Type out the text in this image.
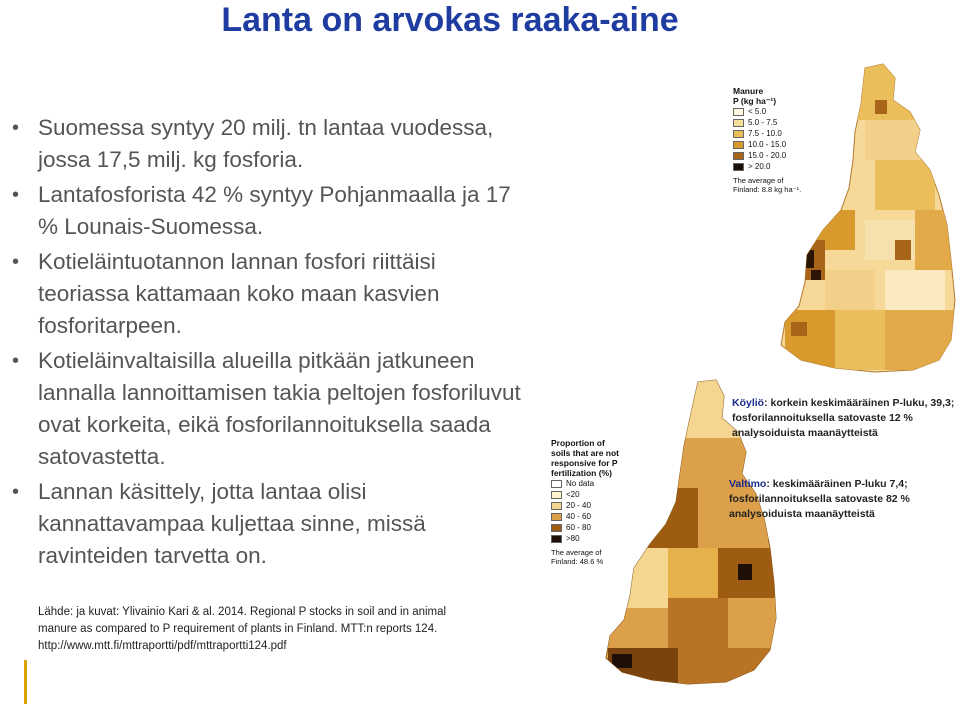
Lanta on arvokas raaka-aine
• Suomessa syntyy 20 milj. tn lantaa vuodessa, jossa 17,5 milj. kg fosforia.
• Lantafosforista 42 % syntyy Pohjanmaalla ja 17 % Lounais-Suomessa.
• Kotieläintuotannon lannan fosfori riittäisi teoriassa kattamaan koko maan kasvien fosforitarpeen.
• Kotieläinvaltaisilla alueilla pitkään jatkuneen lannalla lannoittamisen takia peltojen fosforiluvut ovat korkeita, eikä fosforilannoituksella saada satovastetta.
• Lannan käsittely, jotta lantaa olisi kannattavampaa kuljettaa sinne, missä ravinteiden tarvetta on.
Manure
P (kg ha⁻¹)
< 5.0
5.0 - 7.5
7.5 - 10.0
10.0 - 15.0
15.0 - 20.0
> 20.0
The average of
Finland: 8.8 kg ha⁻¹.
Proportion of
soils that are not
responsive for P
fertilization (%)
No data
<20
20 - 40
40 - 60
60 - 80
>80
The average of
Finland: 48.6 %
Köyliö: korkein keskimääräinen P-luku, 39,3;
fosforilannoituksella satovaste 12 %
analysoiduista maanäytteistä
Valtimo: keskimääräinen P-luku 7,4;
fosforilannoituksella satovaste 82 %
analysoiduista maanäytteistä
Lähde: ja kuvat: Ylivainio Kari & al. 2014. Regional P stocks in soil and in animal
manure as compared to P requirement of plants in Finland. MTT:n reports 124.
http://www.mtt.fi/mttraportti/pdf/mttraportti124.pdf
